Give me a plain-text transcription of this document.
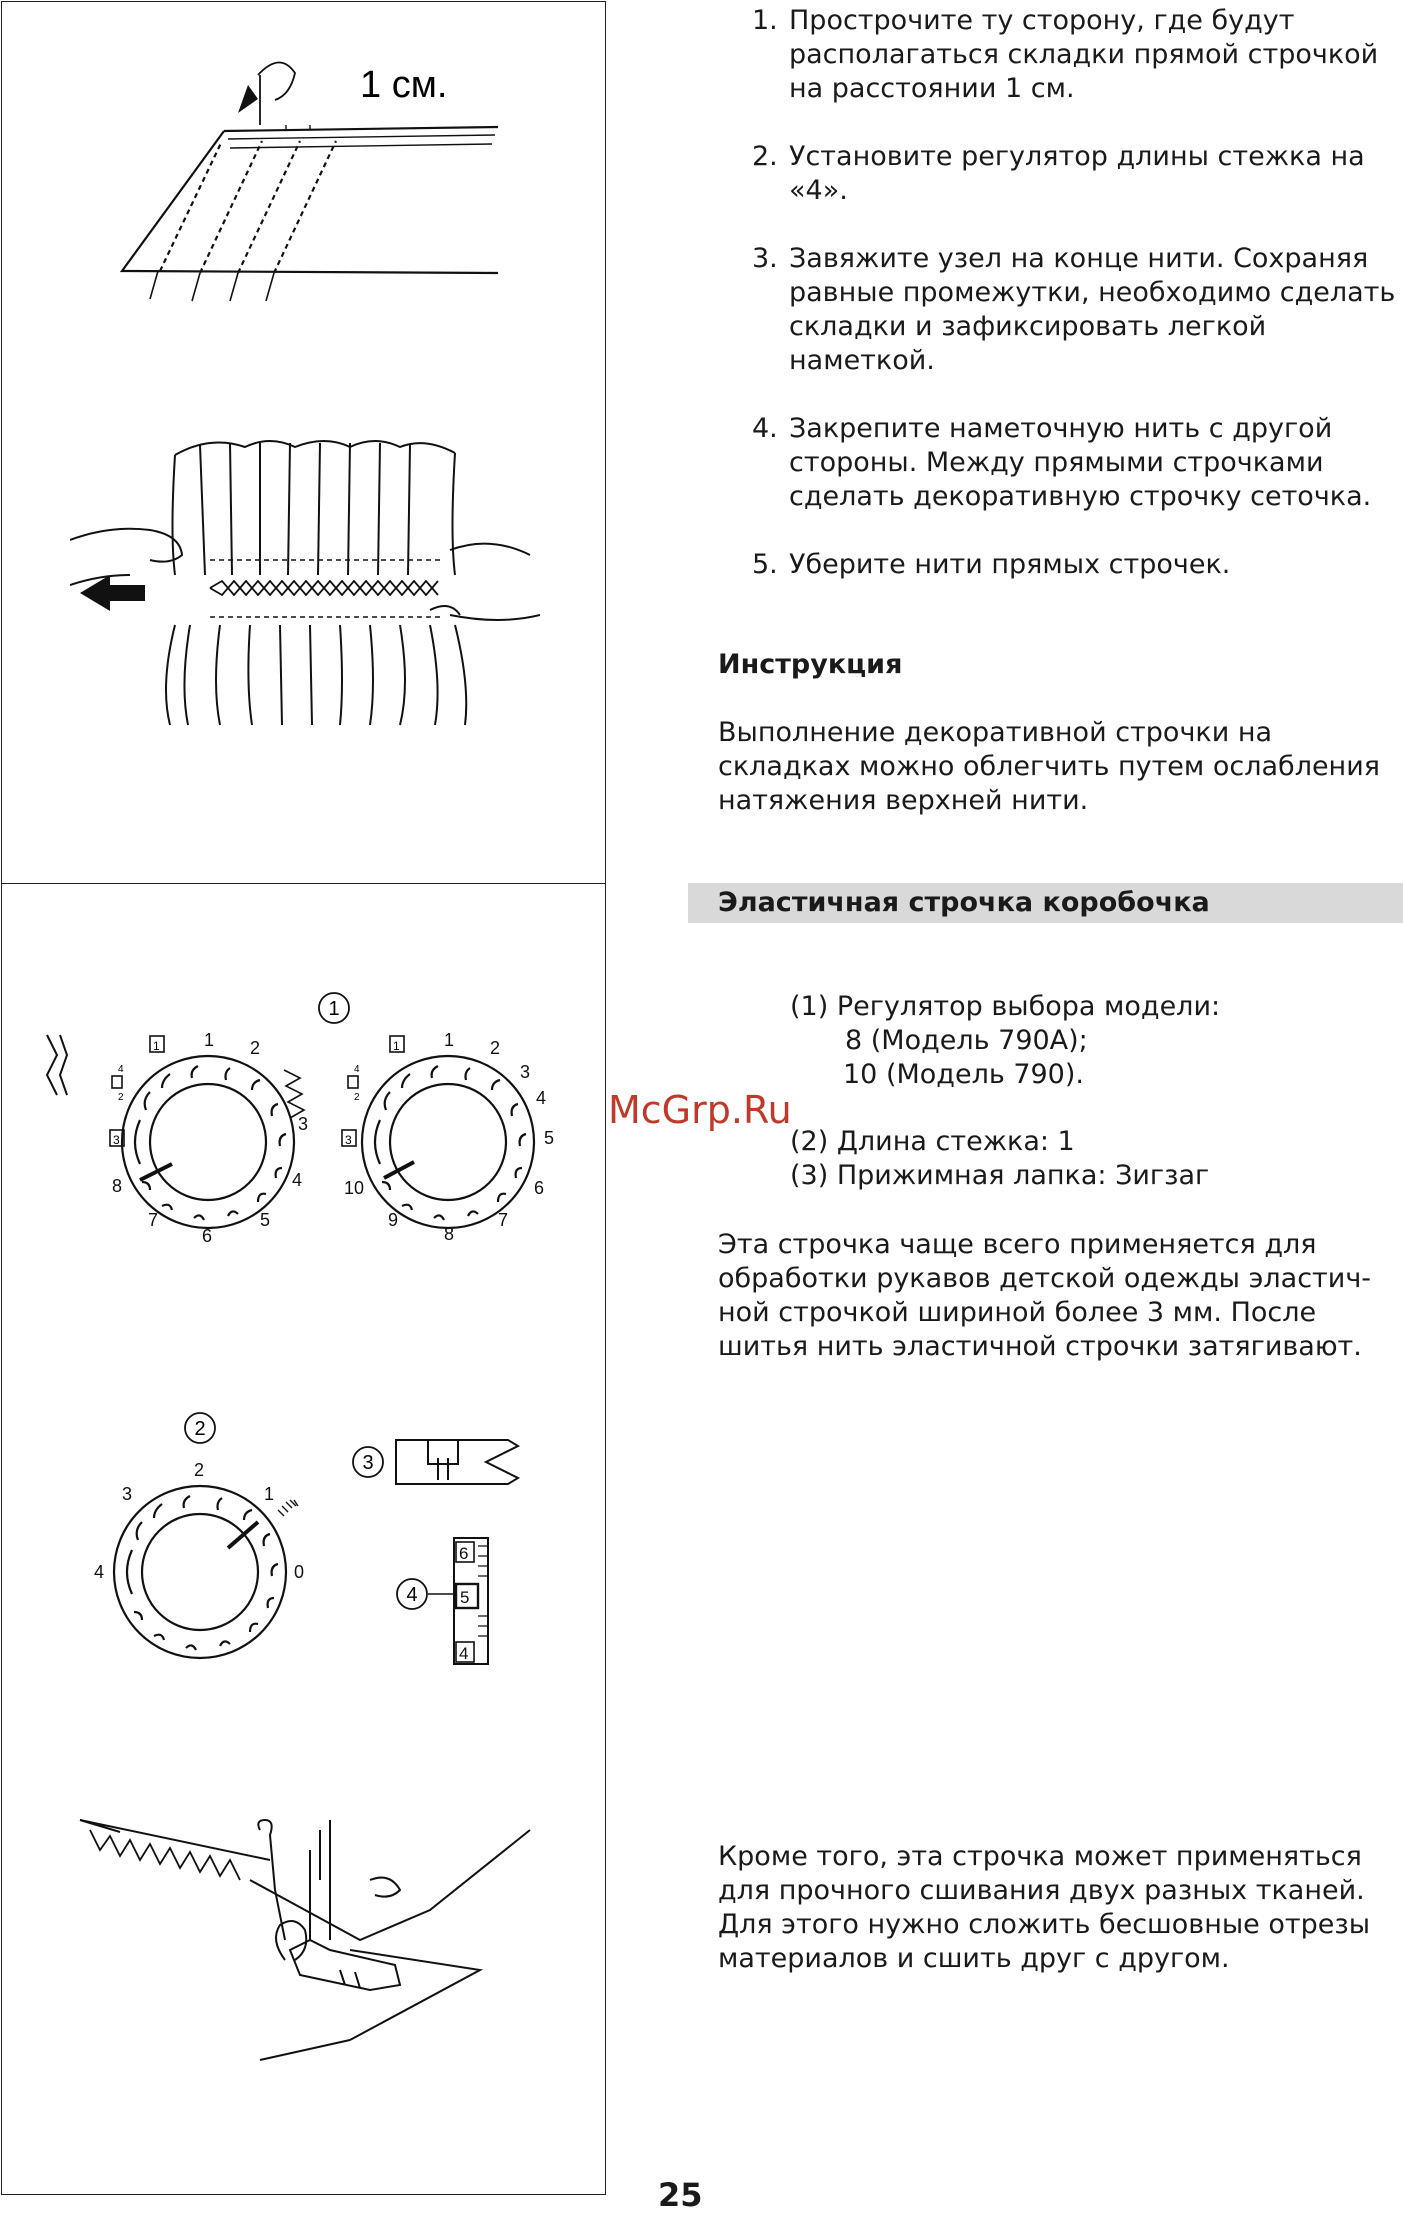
1 см.
1
1 2
3
4
5
6
7
8
1
3
4
2
1 2
3
4
5
6
7
8
9
10
1
3
4
2
2
0
1
2
3
4
3
4
6
5
4
1. Прострочите ту сторону, где будут располагаться складки прямой строчкой на расстоянии 1 см.
2. Установите регулятор длины стежка на «4».
3. Завяжите узел на конце нити. Сохраняя равные промежутки, необходимо сделать складки и зафиксировать легкой наметкой.
4. Закрепите наметочную нить с другой стороны. Между прямыми строчками сделать декоративную строчку сеточка.
5. Уберите нити прямых строчек.
Инструкция

Выполнение декоративной строчки на складках можно облегчить путем ослабления натяжения верхней нити.

Эластичная строчка коробочка
(1) Регулятор выбора модели:
8 (Модель 790А);
10 (Модель 790).
(2) Длина стежка: 1
(3) Прижимная лапка: Зигзаг

Эта строчка чаще всего применяется для обработки рукавов детской одежды эластич-ной строчкой шириной более 3 мм. После шитья нить эластичной строчки затягивают.

Кроме того, эта строчка может применяться для прочного сшивания двух разных тканей. Для этого нужно сложить бесшовные отрезы материалов и сшить друг с другом.

McGrp.Ru
25
